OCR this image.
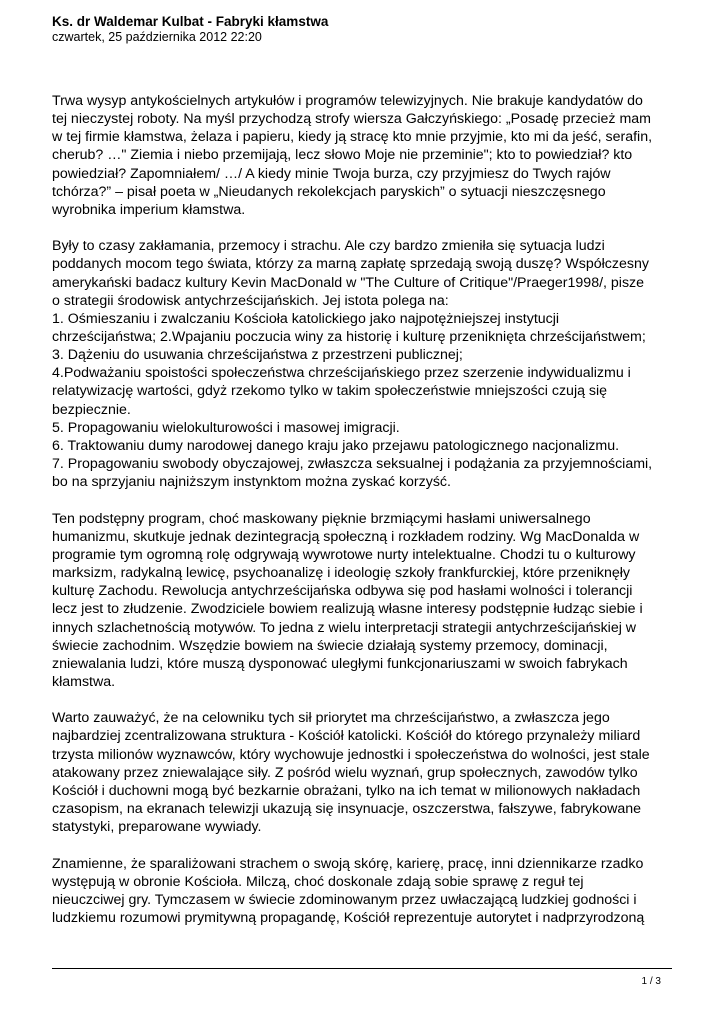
Ks. dr Waldemar Kulbat - Fabryki kłamstwa
czwartek, 25 października 2012 22:20
Trwa wysyp antykościelnych artykułów i programów telewizyjnych. Nie brakuje kandydatów do
tej nieczystej roboty. Na myśl przychodzą strofy wiersza Gałczyńskiego: „Posadę przecież mam
w tej firmie kłamstwa, żelaza i papieru, kiedy ją stracę kto mnie przyjmie, kto mi da jeść, serafin,
cherub? …" Ziemia i niebo przemijają, lecz słowo Moje nie przeminie"; kto to powiedział? kto
powiedział? Zapomniałem/ …/ A kiedy minie Twoja burza, czy przyjmiesz do Twych rajów
tchórza?” – pisał poeta w „Nieudanych rekolekcjach paryskich” o sytuacji nieszczęsnego
wyrobnika imperium kłamstwa.
Były to czasy zakłamania, przemocy i strachu. Ale czy bardzo zmieniła się sytuacja ludzi
poddanych mocom tego świata, którzy za marną zapłatę sprzedają swoją duszę? Współczesny
amerykański badacz kultury Kevin MacDonald w "The Culture of Critique"/Praeger1998/, pisze
o strategii środowisk antychrześcijańskich. Jej istota polega na:
1. Ośmieszaniu i zwalczaniu Kościoła katolickiego jako najpotężniejszej instytucji
chrześcijaństwa; 2.Wpajaniu poczucia winy za historię i kulturę przeniknięta chrześcijaństwem;
3. Dążeniu do usuwania chrześcijaństwa z przestrzeni publicznej;
4.Podważaniu spoistości społeczeństwa chrześcijańskiego przez szerzenie indywidualizmu i
relatywizację wartości, gdyż rzekomo tylko w takim społeczeństwie mniejszości czują się
bezpiecznie.
5. Propagowaniu wielokulturowości i masowej imigracji.
6. Traktowaniu dumy narodowej danego kraju jako przejawu patologicznego nacjonalizmu.
7. Propagowaniu swobody obyczajowej, zwłaszcza seksualnej i podążania za przyjemnościami,
bo na sprzyjaniu najniższym instynktom można zyskać korzyść.
Ten podstępny program, choć maskowany pięknie brzmiącymi hasłami uniwersalnego
humanizmu, skutkuje jednak dezintegracją społeczną i rozkładem rodziny. Wg MacDonalda w
programie tym ogromną rolę odgrywają wywrotowe nurty intelektualne. Chodzi tu o kulturowy
marksizm, radykalną lewicę, psychoanalizę i ideologię szkoły frankfurckiej, które przeniknęły
kulturę Zachodu. Rewolucja antychrześcijańska odbywa się pod hasłami wolności i tolerancji
lecz jest to złudzenie. Zwodziciele bowiem realizują własne interesy podstępnie łudząc siebie i
innych szlachetnością motywów. To jedna z wielu interpretacji strategii antychrześcijańskiej w
świecie zachodnim. Wszędzie bowiem na świecie działają systemy przemocy, dominacji,
zniewalania ludzi, które muszą dysponować uległymi funkcjonariuszami w swoich fabrykach
kłamstwa.
Warto zauważyć, że na celowniku tych sił priorytet ma chrześcijaństwo, a zwłaszcza jego
najbardziej zcentralizowana struktura - Kościół katolicki. Kościół do którego przynależy miliard
trzysta milionów wyznawców, który wychowuje jednostki i społeczeństwa do wolności, jest stale
atakowany przez zniewalające siły. Z pośród wielu wyznań, grup społecznych, zawodów tylko
Kościół i duchowni mogą być bezkarnie obrażani, tylko na ich temat w milionowych nakładach
czasopism, na ekranach telewizji ukazują się insynuacje, oszczerstwa, fałszywe, fabrykowane
statystyki, preparowane wywiady.
Znamienne, że sparaliżowani strachem o swoją skórę, karierę, pracę, inni dziennikarze rzadko
występują w obronie Kościoła. Milczą, choć doskonale zdają sobie sprawę z reguł tej
nieuczciwej gry. Tymczasem w świecie zdominowanym przez uwłaczającą ludzkiej godności i
ludzkiemu rozumowi prymitywną propagandę, Kościół reprezentuje autorytet i nadprzyrodzoną
1 / 3
